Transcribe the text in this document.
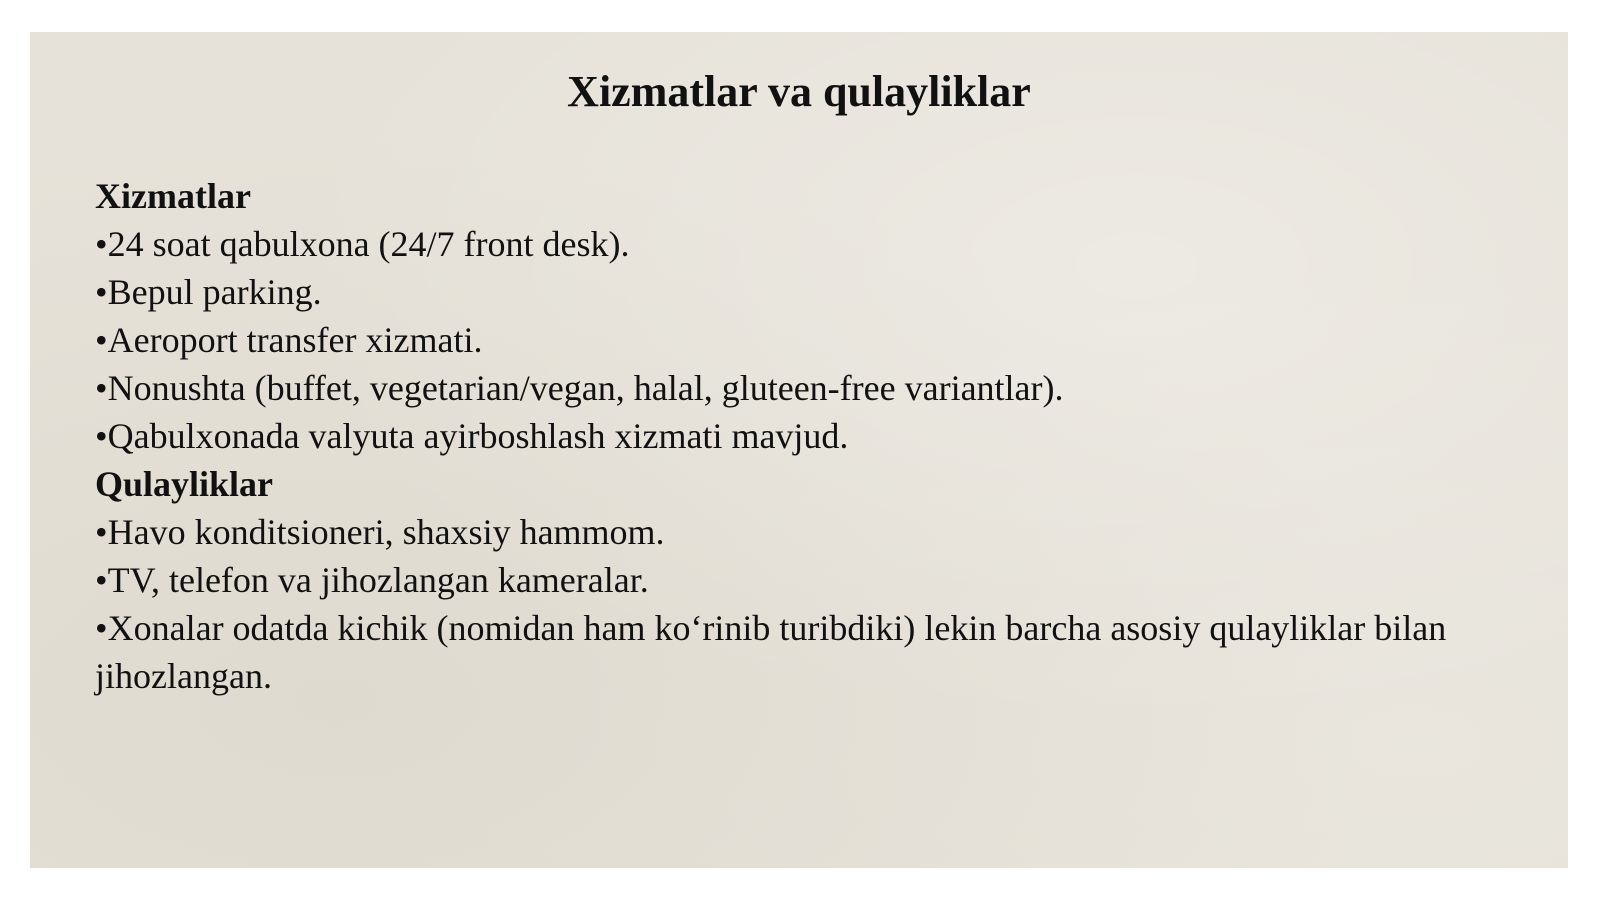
Xizmatlar va qulayliklar
Xizmatlar
•24 soat qabulxona (24/7 front desk).
•Bepul parking.
•Aeroport transfer xizmati.
•Nonushta (buffet, vegetarian/vegan, halal, gluteen-free variantlar).
•Qabulxonada valyuta ayirboshlash xizmati mavjud.
Qulayliklar
•Havo konditsioneri, shaxsiy hammom.
•TV, telefon va jihozlangan kameralar.
•Xonalar odatda kichik (nomidan ham koʻrinib turibdiki) lekin barcha asosiy qulayliklar bilan jihozlangan.
